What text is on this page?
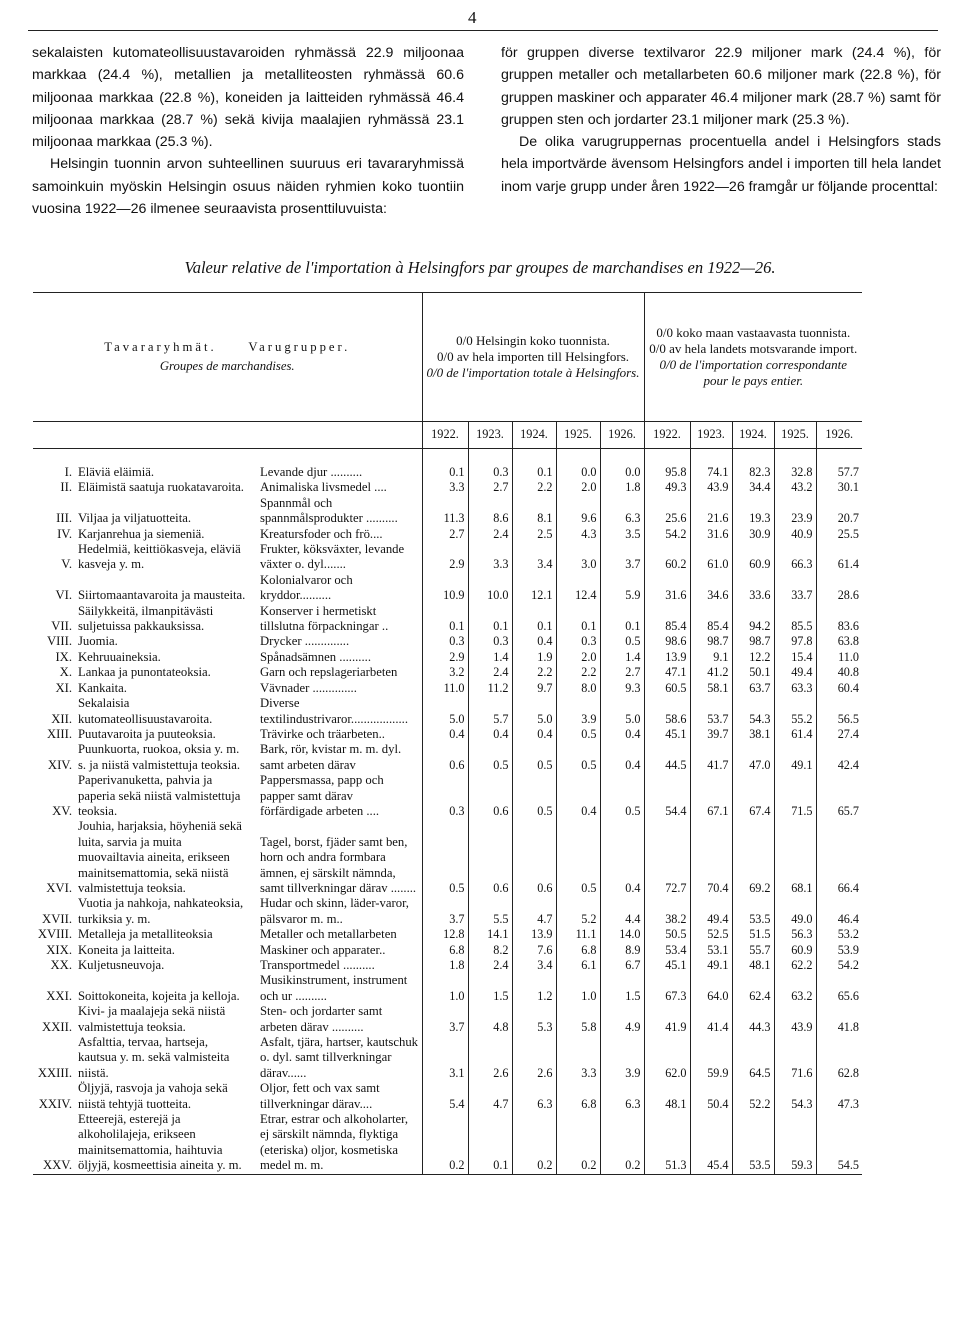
4

sekalaisten kutomateollisuustavaroiden ryhmässä 22.9 miljoonaa markkaa (24.4 %), metallien ja metalliteosten ryhmässä 60.6 miljoonaa markkaa (22.8 %), koneiden ja laitteiden ryhmässä 46.4 miljoonaa markkaa (28.7 %) sekä kivija maalajien ryhmässä 23.1 miljoonaa markkaa (25.3 %).

Helsingin tuonnin arvon suhteellinen suuruus eri tavararyhmissä samoinkuin myöskin Helsingin osuus näiden ryhmien koko tuontiin vuosina 1922—26 ilmenee seuraavista prosenttiluvuista:

för gruppen diverse textilvaror 22.9 miljoner mark (24.4 %), för gruppen metaller och metallarbeten 60.6 miljoner mark (22.8 %), för gruppen maskiner och apparater 46.4 miljoner mark (28.7 %) samt för gruppen sten och jordarter 23.1 miljoner mark (25.3 %).

De olika varugruppernas procentuella andel i Helsingfors stads hela importvärde ävensom Helsingfors andel i importen till hela landet inom varje grupp under åren 1922—26 framgår ur följande procenttal:

Valeur relative de l'importation à Helsingfors par groupes de marchandises en 1922—26.
Tavararyhmät. Varugrupper.
Groupes de marchandises.			0/0 Helsingin koko tuonnista.
0/0 av hela importen till Helsingfors.
0/0 de l'importation totale à Helsingfors.					0/0 koko maan vastaavasta tuonnista.
0/0 av hela landets motsvarande import.
0/0 de l'importation correspondante pour le pays entier.				

			1922.	1923.	1924.	1925.	1926.	1922.	1923.	1924.	1925.	1926.

I.	Eläviä eläimiä.	Levande djur ..........	0.1	0.3	0.1	0.0	0.0	95.8	74.1	82.3	32.8	57.7
II.	Eläimistä saatuja ruokatavaroita.	Animaliska livsmedel ....	3.3	2.7	2.2	2.0	1.8	49.3	43.9	34.4	43.2	30.1
III.	Viljaa ja viljatuotteita.	Spannmål och spannmålsprodukter ..........	11.3	8.6	8.1	9.6	6.3	25.6	21.6	19.3	23.9	20.7
IV.	Karjanrehua ja siemeniä.	Kreatursfoder och frö....	2.7	2.4	2.5	4.3	3.5	54.2	31.6	30.9	40.9	25.5
V.	Hedelmiä, keittiökasveja, eläviä kasveja y. m.	Frukter, köksväxter, levande växter o. dyl.......	2.9	3.3	3.4	3.0	3.7	60.2	61.0	60.9	66.3	61.4
VI.	Siirtomaantavaroita ja mausteita.	Kolonialvaror och kryddor..........	10.9	10.0	12.1	12.4	5.9	31.6	34.6	33.6	33.7	28.6
VII.	Säilykkeitä, ilmanpitävästi suljetuissa pakkauksissa.	Konserver i hermetiskt tillslutna förpackningar ..	0.1	0.1	0.1	0.1	0.1	85.4	85.4	94.2	85.5	83.6
VIII.	Juomia.	Drycker ..............	0.3	0.3	0.4	0.3	0.5	98.6	98.7	98.7	97.8	63.8
IX.	Kehruuaineksia.	Spånadsämnen ..........	2.9	1.4	1.9	2.0	1.4	13.9	9.1	12.2	15.4	11.0
X.	Lankaa ja punontateoksia.	Garn och repslageriarbeten	3.2	2.4	2.2	2.2	2.7	47.1	41.2	50.1	49.4	40.8
XI.	Kankaita.	Vävnader ..............	11.0	11.2	9.7	8.0	9.3	60.5	58.1	63.7	63.3	60.4
XII.	Sekalaisia kutomateollisuustavaroita.	Diverse textilindustrivaror..................	5.0	5.7	5.0	3.9	5.0	58.6	53.7	54.3	55.2	56.5
XIII.	Puutavaroita ja puuteoksia.	Trävirke och träarbeten..	0.4	0.4	0.4	0.5	0.4	45.1	39.7	38.1	61.4	27.4
XIV.	Puunkuorta, ruokoa, oksia y. m. s. ja niistä valmistettuja teoksia.	Bark, rör, kvistar m. m. dyl. samt arbeten därav	0.6	0.5	0.5	0.5	0.4	44.5	41.7	47.0	49.1	42.4
XV.	Paperivanuketta, pahvia ja paperia sekä niistä valmistettuja teoksia.	Pappersmassa, papp och papper samt därav förfärdigade arbeten ....	0.3	0.6	0.5	0.4	0.5	54.4	67.1	67.4	71.5	65.7
XVI.	Jouhia, harjaksia, höyheniä sekä luita, sarvia ja muita muovailtavia aineita, erikseen mainitsemattomia, sekä niistä valmistettuja teoksia.	Tagel, borst, fjäder samt ben, horn och andra formbara ämnen, ej särskilt nämnda, samt tillverkningar därav ........	0.5	0.6	0.6	0.5	0.4	72.7	70.4	69.2	68.1	66.4
XVII.	Vuotia ja nahkoja, nahkateoksia, turkiksia y. m.	Hudar och skinn, läder-varor, pälsvaror m. m..	3.7	5.5	4.7	5.2	4.4	38.2	49.4	53.5	49.0	46.4
XVIII.	Metalleja ja metalliteoksia	Metaller och metallarbeten	12.8	14.1	13.9	11.1	14.0	50.5	52.5	51.5	56.3	53.2
XIX.	Koneita ja laitteita.	Maskiner och apparater..	6.8	8.2	7.6	6.8	8.9	53.4	53.1	55.7	60.9	53.9
XX.	Kuljetusneuvoja.	Transportmedel ..........	1.8	2.4	3.4	6.1	6.7	45.1	49.1	48.1	62.2	54.2
XXI.	Soittokoneita, kojeita ja kelloja.	Musikinstrument, instrument och ur ..........	1.0	1.5	1.2	1.0	1.5	67.3	64.0	62.4	63.2	65.6
XXII.	Kivi- ja maalajeja sekä niistä valmistettuja teoksia.	Sten- och jordarter samt arbeten därav ..........	3.7	4.8	5.3	5.8	4.9	41.9	41.4	44.3	43.9	41.8
XXIII.	Asfalttia, tervaa, hartseja, kautsua y. m. sekä valmisteita niistä.	Asfalt, tjära, hartser, kautschuk o. dyl. samt tillverkningar därav......	3.1	2.6	2.6	3.3	3.9	62.0	59.9	64.5	71.6	62.8
XXIV.	Öljyjä, rasvoja ja vahoja sekä niistä tehtyjä tuotteita.	Oljor, fett och vax samt tillverkningar därav....	5.4	4.7	6.3	6.8	6.3	48.1	50.4	52.2	54.3	47.3
XXV.	Etteerejä, esterejä ja alkoholilajeja, erikseen mainitsemattomia, haihtuvia öljyjä, kosmeettisia aineita y. m.	Etrar, estrar och alkoholarter, ej särskilt nämnda, flyktiga (eteriska) oljor, kosmetiska medel m. m.	0.2	0.1	0.2	0.2	0.2	51.3	45.4	53.5	59.3	54.5
